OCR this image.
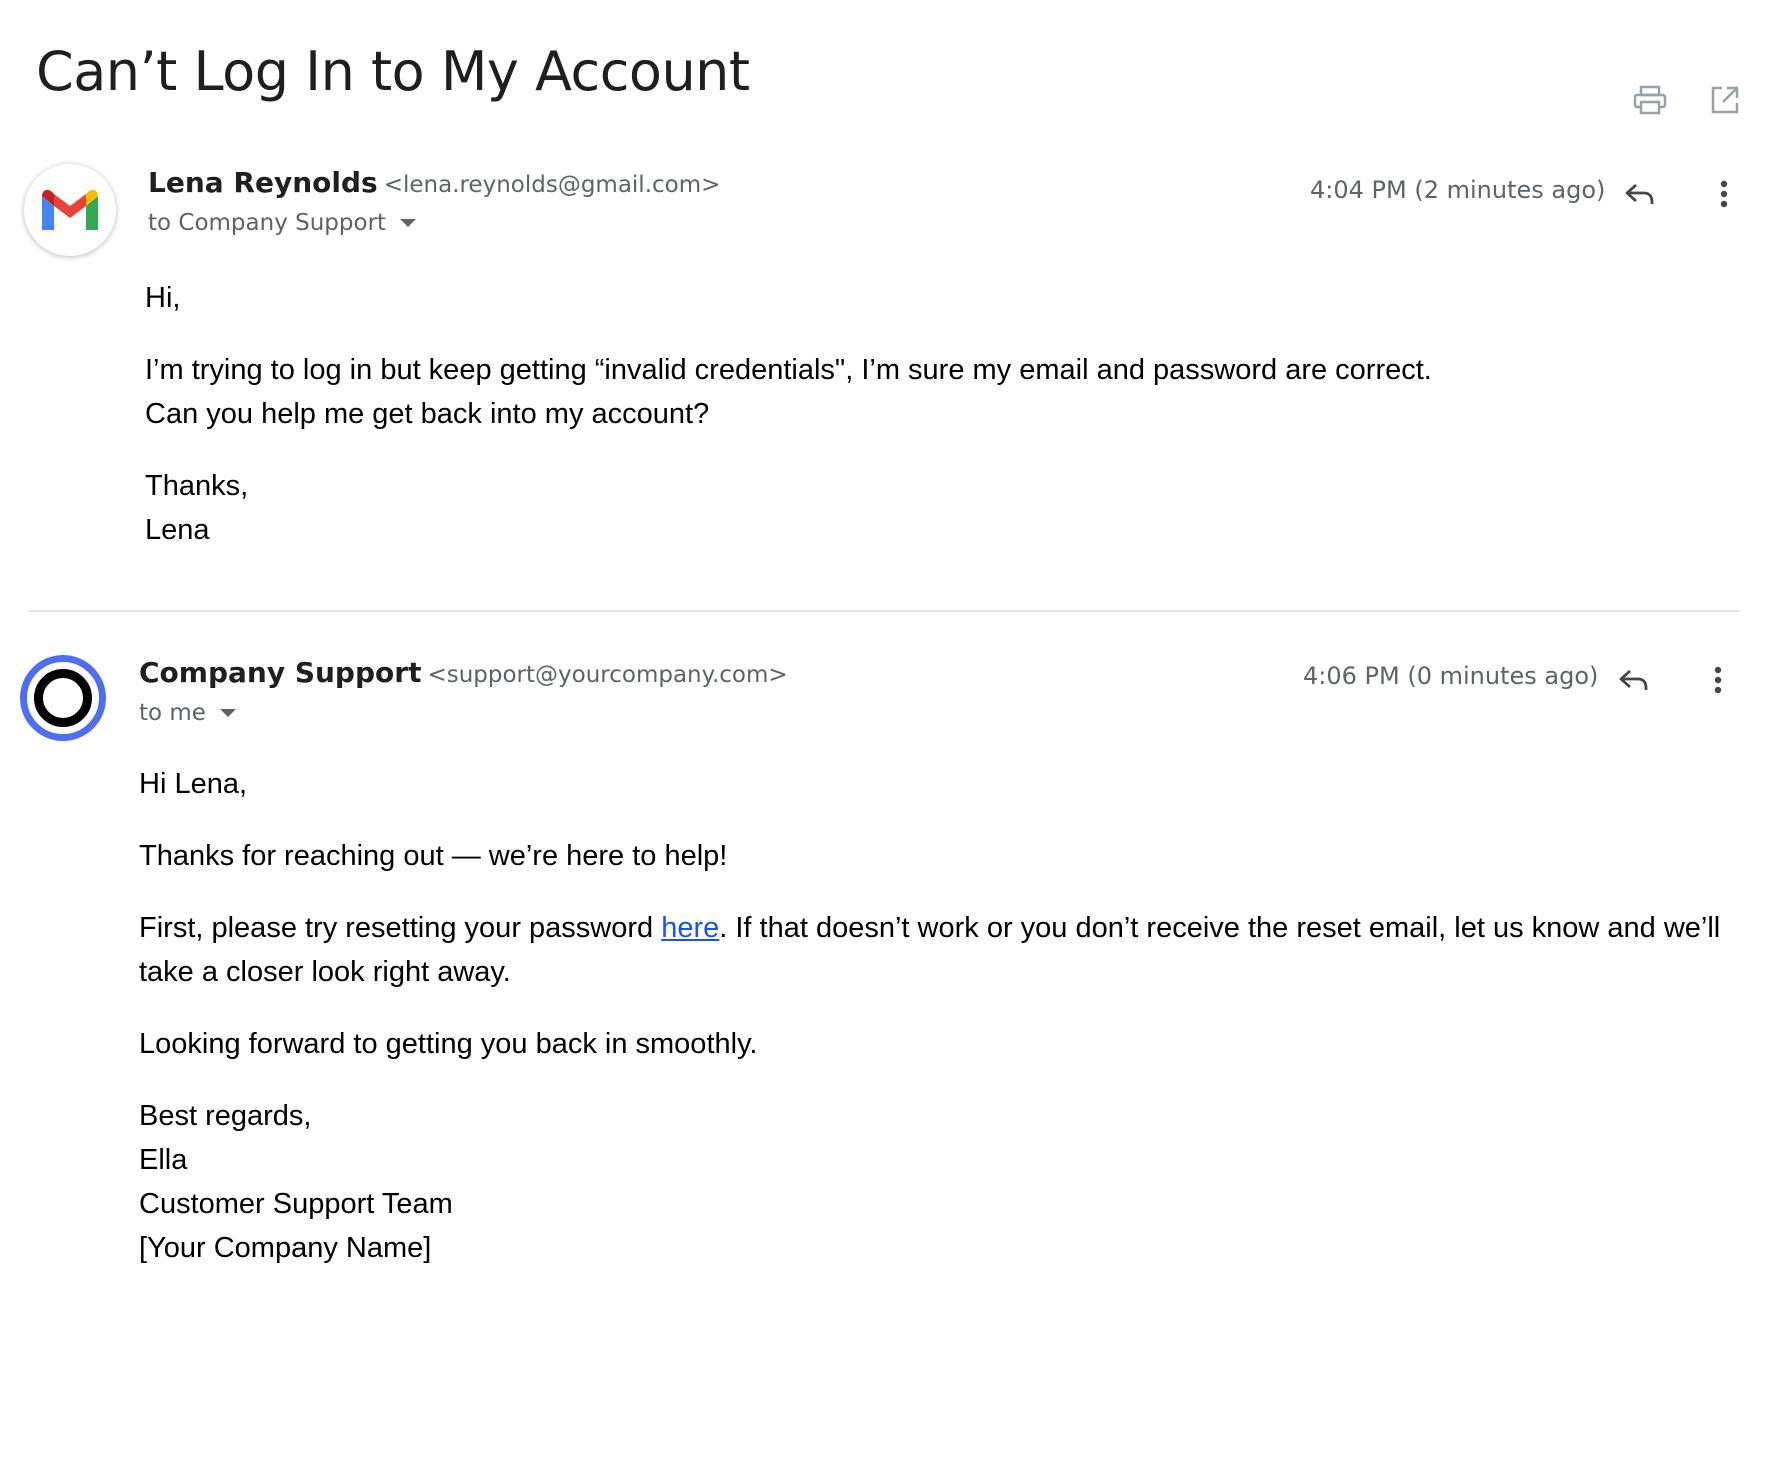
Can’t Log In to My Account
Lena Reynolds <lena.reynolds@gmail.com>
to Company Support
4:04 PM (2 minutes ago)

Hi,

I’m trying to log in but keep getting “invalid credentials", I’m sure my email and password are correct.
Can you help me get back into my account?

Thanks,
Lena

Company Support <support@yourcompany.com>
to me
4:06 PM (0 minutes ago)

Hi Lena,

Thanks for reaching out — we’re here to help!

First, please try resetting your password here. If that doesn’t work or you don’t receive the reset email, let us know and we’ll take a closer look right away.

Looking forward to getting you back in smoothly.

Best regards,
Ella
Customer Support Team
[Your Company Name]
